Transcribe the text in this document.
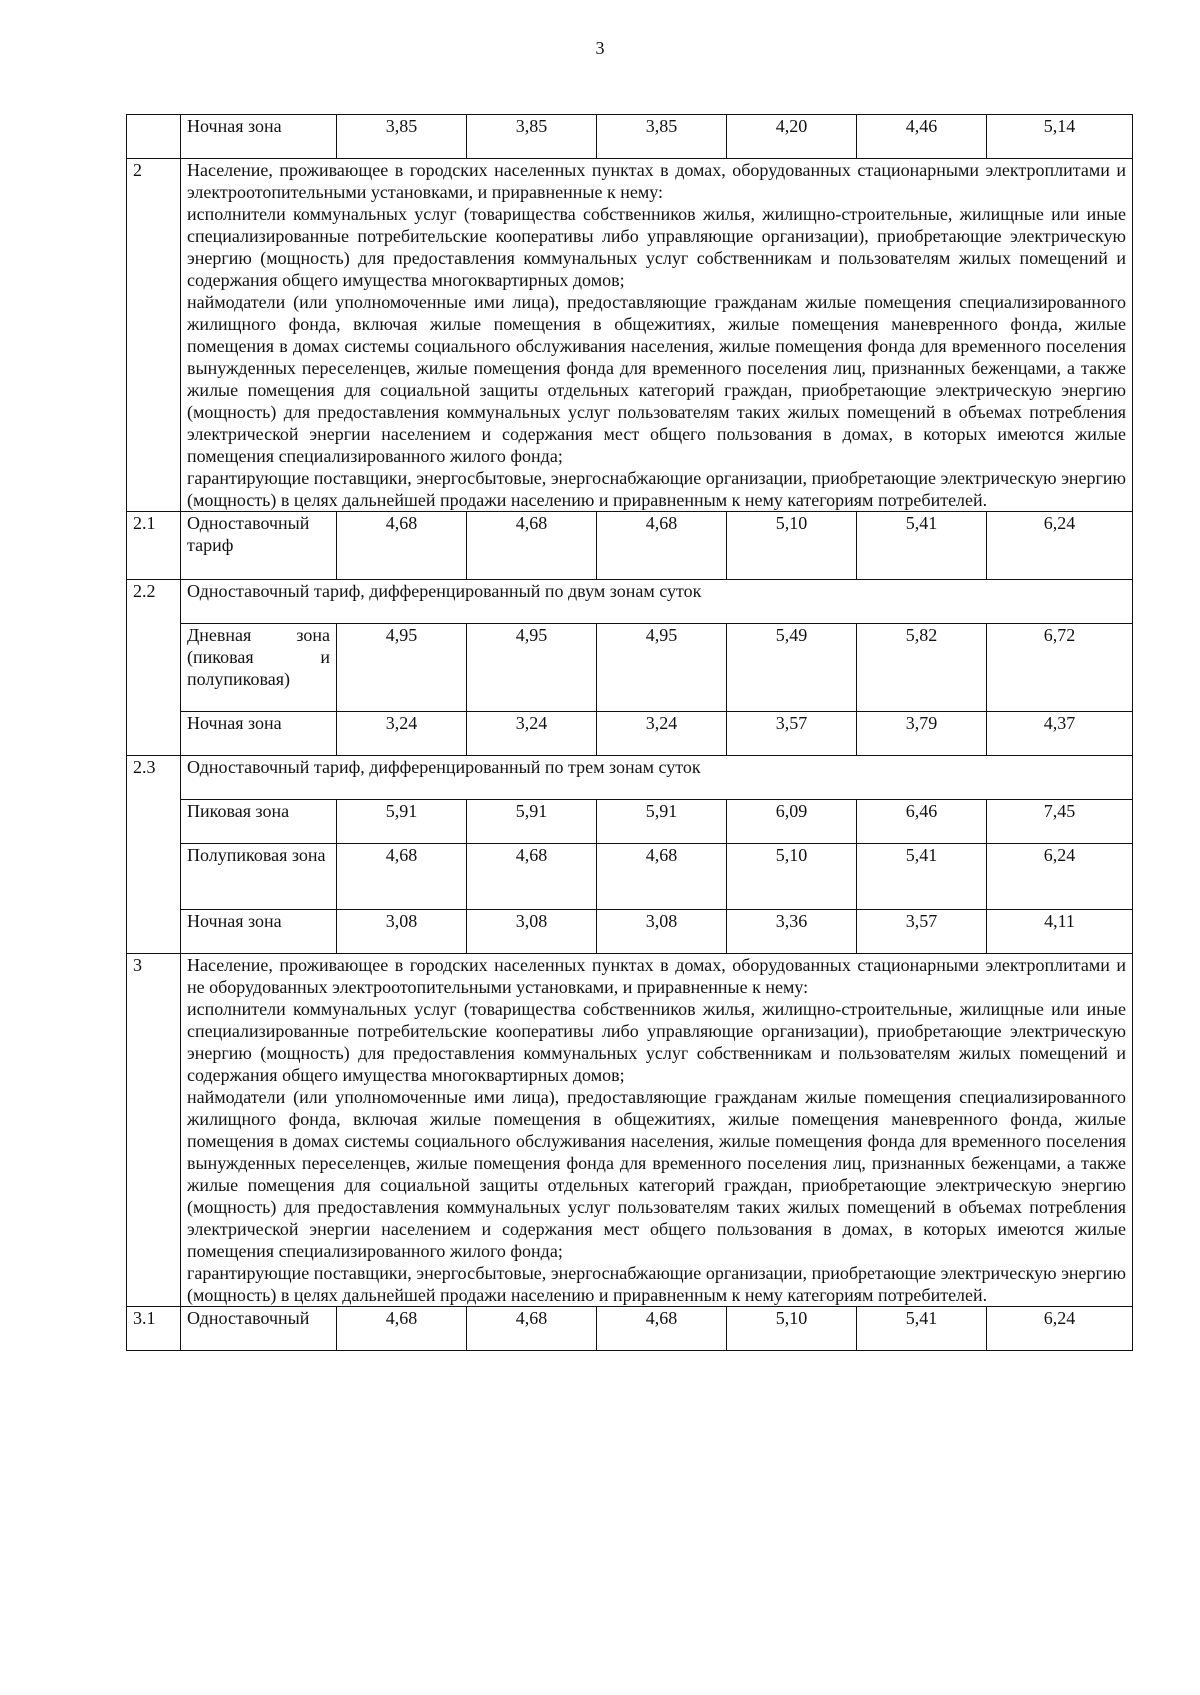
3
	Ночная зона	3,85	3,85	3,85	4,20	4,46	5,14
2	Население, проживающее в городских населенных пунктах в домах, оборудованных стационарными электроплитами и электроотопительными установками, и приравненные к нему:

исполнители коммунальных услуг (товарищества собственников жилья, жилищно-строительные, жилищные или иные специализированные потребительские кооперативы либо управляющие организации), приобретающие электрическую энергию (мощность) для предоставления коммунальных услуг собственникам и пользователям жилых помещений и содержания общего имущества многоквартирных домов;

наймодатели (или уполномоченные ими лица), предоставляющие гражданам жилые помещения специализированного жилищного фонда, включая жилые помещения в общежитиях, жилые помещения маневренного фонда, жилые помещения в домах системы социального обслуживания населения, жилые помещения фонда для временного поселения вынужденных переселенцев, жилые помещения фонда для временного поселения лиц, признанных беженцами, а также жилые помещения для социальной защиты отдельных категорий граждан, приобретающие электрическую энергию (мощность) для предоставления коммунальных услуг пользователям таких жилых помещений в объемах потребления электрической энергии населением и содержания мест общего пользования в домах, в которых имеются жилые помещения специализированного жилого фонда;

гарантирующие поставщики, энергосбытовые, энергоснабжающие организации, приобретающие электрическую энергию (мощность) в целях дальнейшей продажи населению и приравненным к нему категориям потребителей.						

2.1	Одноставочный тариф	4,68	4,68	4,68	5,10	5,41	6,24
2.2	Одноставочный тариф, дифференцированный по двум зонам суток						
	Дневная зона (пиковая и полупиковая)	4,95	4,95	4,95	5,49	5,82	6,72
	Ночная зона	3,24	3,24	3,24	3,57	3,79	4,37
2.3	Одноставочный тариф, дифференцированный по трем зонам суток						
	Пиковая зона	5,91	5,91	5,91	6,09	6,46	7,45
	Полупиковая зона	4,68	4,68	4,68	5,10	5,41	6,24
	Ночная зона	3,08	3,08	3,08	3,36	3,57	4,11
3	Население, проживающее в городских населенных пунктах в домах, оборудованных стационарными электроплитами и не оборудованных электроотопительными установками, и приравненные к нему:

исполнители коммунальных услуг (товарищества собственников жилья, жилищно-строительные, жилищные или иные специализированные потребительские кооперативы либо управляющие организации), приобретающие электрическую энергию (мощность) для предоставления коммунальных услуг собственникам и пользователям жилых помещений и содержания общего имущества многоквартирных домов;

наймодатели (или уполномоченные ими лица), предоставляющие гражданам жилые помещения специализированного жилищного фонда, включая жилые помещения в общежитиях, жилые помещения маневренного фонда, жилые помещения в домах системы социального обслуживания населения, жилые помещения фонда для временного поселения вынужденных переселенцев, жилые помещения фонда для временного поселения лиц, признанных беженцами, а также жилые помещения для социальной защиты отдельных категорий граждан, приобретающие электрическую энергию (мощность) для предоставления коммунальных услуг пользователям таких жилых помещений в объемах потребления электрической энергии населением и содержания мест общего пользования в домах, в которых имеются жилые помещения специализированного жилого фонда;

гарантирующие поставщики, энергосбытовые, энергоснабжающие организации, приобретающие электрическую энергию (мощность) в целях дальнейшей продажи населению и приравненным к нему категориям потребителей.						

3.1	Одноставочный	4,68	4,68	4,68	5,10	5,41	6,24
